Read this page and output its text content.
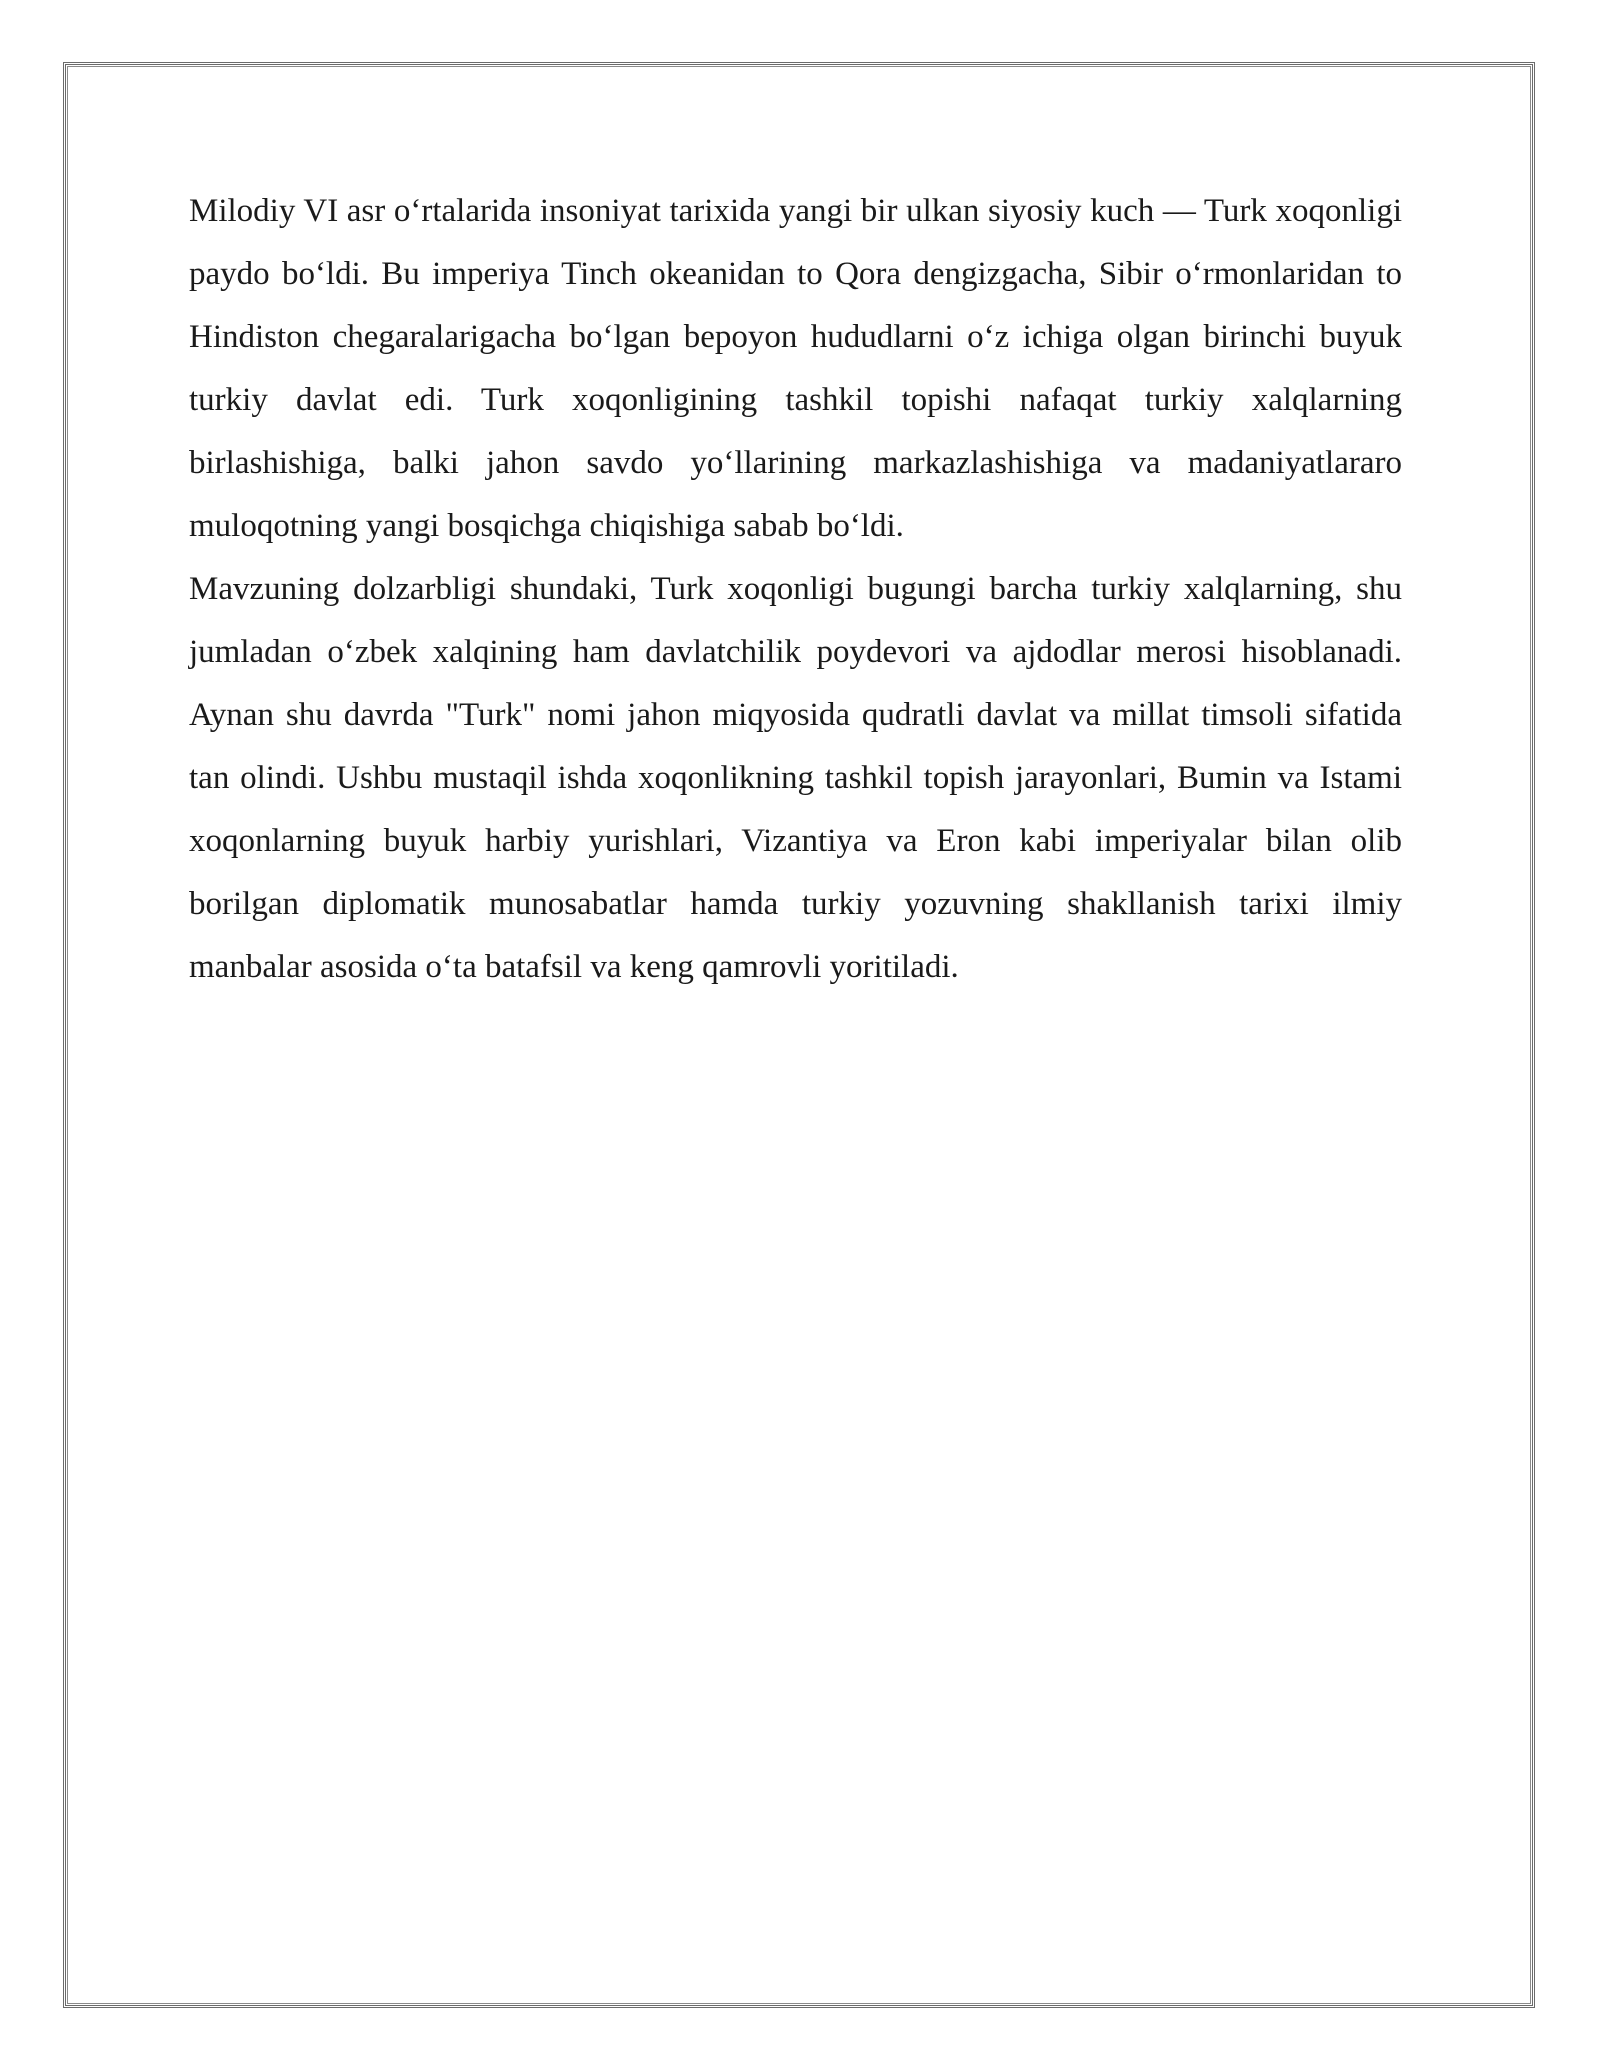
Milodiy VI asr o‘rtalarida insoniyat tarixida yangi bir ulkan siyosiy kuch — Turk xoqonligi paydo bo‘ldi. Bu imperiya Tinch okeanidan to Qora dengizgacha, Sibir o‘rmonlaridan to Hindiston chegaralarigacha bo‘lgan bepoyon hududlarni o‘z ichiga olgan birinchi buyuk turkiy davlat edi. Turk xoqonligining tashkil topishi nafaqat turkiy xalqlarning birlashishiga, balki jahon savdo yo‘llarining markazlashishiga va madaniyatlararo muloqotning yangi bosqichga chiqishiga sabab bo‘ldi.

Mavzuning dolzarbligi shundaki, Turk xoqonligi bugungi barcha turkiy xalqlarning, shu jumladan o‘zbek xalqining ham davlatchilik poydevori va ajdodlar merosi hisoblanadi. Aynan shu davrda "Turk" nomi jahon miqyosida qudratli davlat va millat timsoli sifatida tan olindi. Ushbu mustaqil ishda xoqonlikning tashkil topish jarayonlari, Bumin va Istami xoqonlarning buyuk harbiy yurishlari, Vizantiya va Eron kabi imperiyalar bilan olib borilgan diplomatik munosabatlar hamda turkiy yozuvning shakllanish tarixi ilmiy manbalar asosida o‘ta batafsil va keng qamrovli yoritiladi.
